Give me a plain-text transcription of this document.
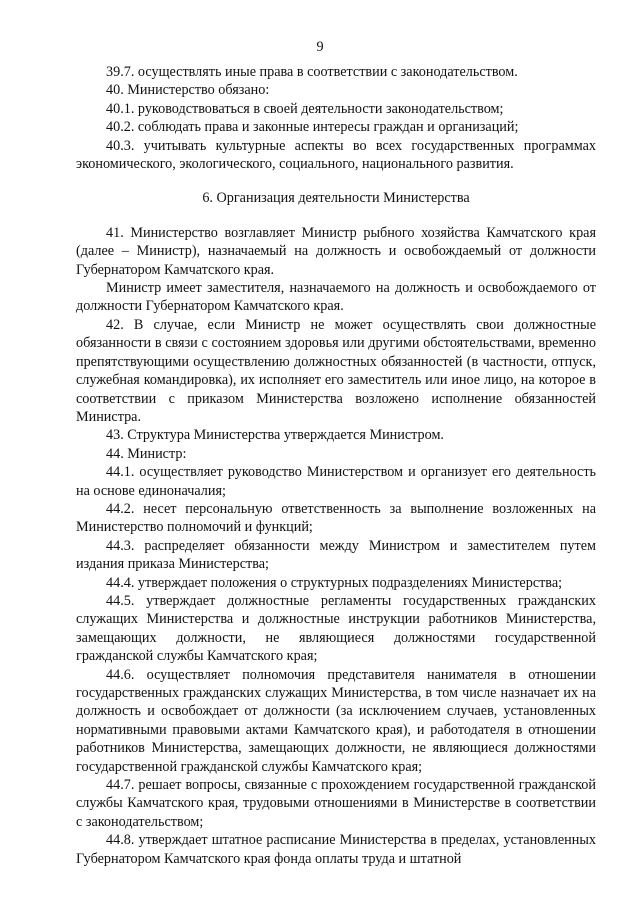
9

39.7. осуществлять иные права в соответствии с законодательством.

40. Министерство обязано:

40.1. руководствоваться в своей деятельности законодательством;

40.2. соблюдать права и законные интересы граждан и организаций;

40.3. учитывать культурные аспекты во всех государственных программах экономического, экологического, социального, национального развития.

6. Организация деятельности Министерства

41. Министерство возглавляет Министр рыбного хозяйства Камчатского края (далее – Министр), назначаемый на должность и освобождаемый от должности Губернатором Камчатского края.

Министр имеет заместителя, назначаемого на должность и освобождаемого от должности Губернатором Камчатского края.

42. В случае, если Министр не может осуществлять свои должностные обязанности в связи с состоянием здоровья или другими обстоятельствами, временно препятствующими осуществлению должностных обязанностей (в частности, отпуск, служебная командировка), их исполняет его заместитель или иное лицо, на которое в соответствии с приказом Министерства возложено исполнение обязанностей Министра.

43. Структура Министерства утверждается Министром.

44. Министр:

44.1. осуществляет руководство Министерством и организует его деятельность на основе единоначалия;

44.2. несет персональную ответственность за выполнение возложенных на Министерство полномочий и функций;

44.3. распределяет обязанности между Министром и заместителем путем издания приказа Министерства;

44.4. утверждает положения о структурных подразделениях Министерства;

44.5. утверждает должностные регламенты государственных гражданских служащих Министерства и должностные инструкции работников Министерства, замещающих должности, не являющиеся должностями государственной гражданской службы Камчатского края;

44.6. осуществляет полномочия представителя нанимателя в отношении государственных гражданских служащих Министерства, в том числе назначает их на должность и освобождает от должности (за исключением случаев, установленных нормативными правовыми актами Камчатского края), и работодателя в отношении работников Министерства, замещающих должности, не являющиеся должностями государственной гражданской службы Камчатского края;

44.7. решает вопросы, связанные с прохождением государственной гражданской службы Камчатского края, трудовыми отношениями в Министерстве в соответствии с законодательством;

44.8. утверждает штатное расписание Министерства в пределах, установленных Губернатором Камчатского края фонда оплаты труда и штатной
